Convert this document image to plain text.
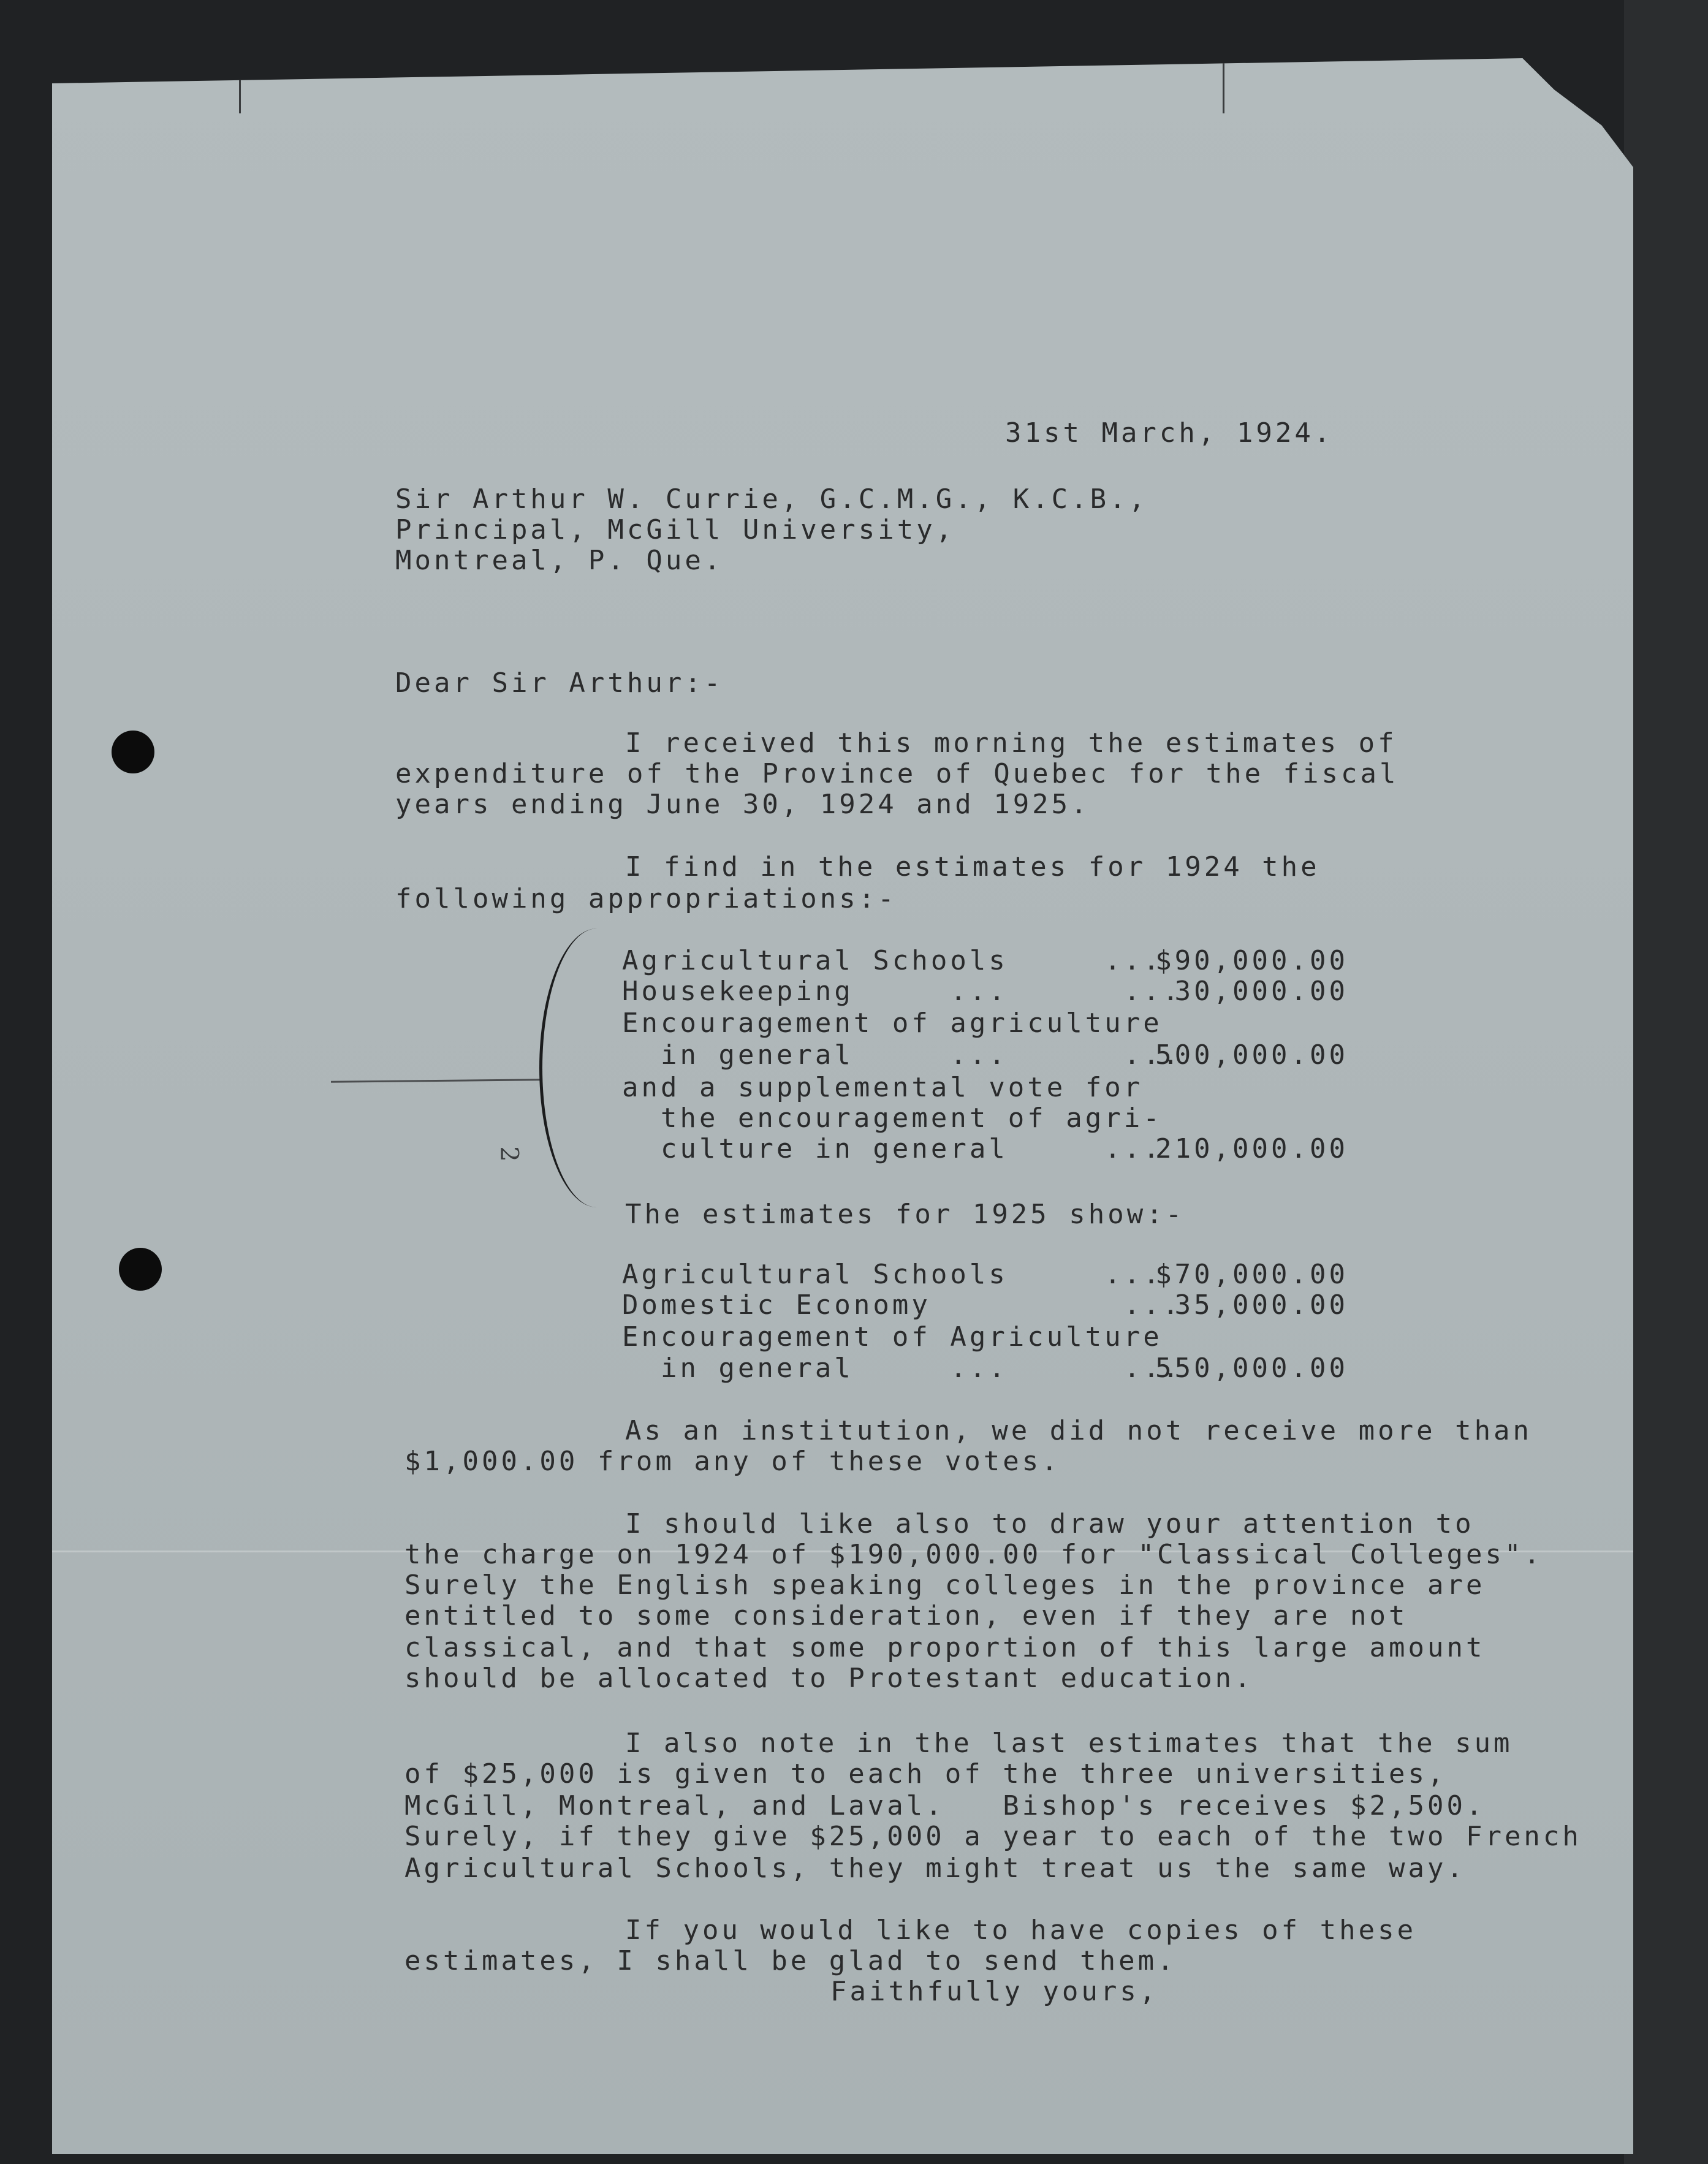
31st March, 1924.
Sir Arthur W. Currie, G.C.M.G., K.C.B.,
Principal, McGill University,
Montreal, P. Que.
Dear Sir Arthur:-
I received this morning the estimates of
expenditure of the Province of Quebec for the fiscal
years ending June 30, 1924 and 1925.
I find in the estimates for 1924 the
following appropriations:-
2
Agricultural Schools     ...
$90,000.00
Housekeeping     ...      ...
30,000.00
Encouragement of agriculture
in general     ...      ...
500,000.00
and a supplemental vote for
the encouragement of agri-
culture in general     ...
210,000.00
The estimates for 1925 show:-
Agricultural Schools     ...
$70,000.00
Domestic Economy          ...
35,000.00
Encouragement of Agriculture
in general     ...      ...
550,000.00
As an institution, we did not receive more than
$1,000.00 from any of these votes.
I should like also to draw your attention to
the charge on 1924 of $190,000.00 for "Classical Colleges".
Surely the English speaking colleges in the province are
entitled to some consideration, even if they are not
classical, and that some proportion of this large amount
should be allocated to Protestant education.
I also note in the last estimates that the sum
of $25,000 is given to each of the three universities,
McGill, Montreal, and Laval.   Bishop's receives $2,500.
Surely, if they give $25,000 a year to each of the two French
Agricultural Schools, they might treat us the same way.
If you would like to have copies of these
estimates, I shall be glad to send them.
Faithfully yours,
